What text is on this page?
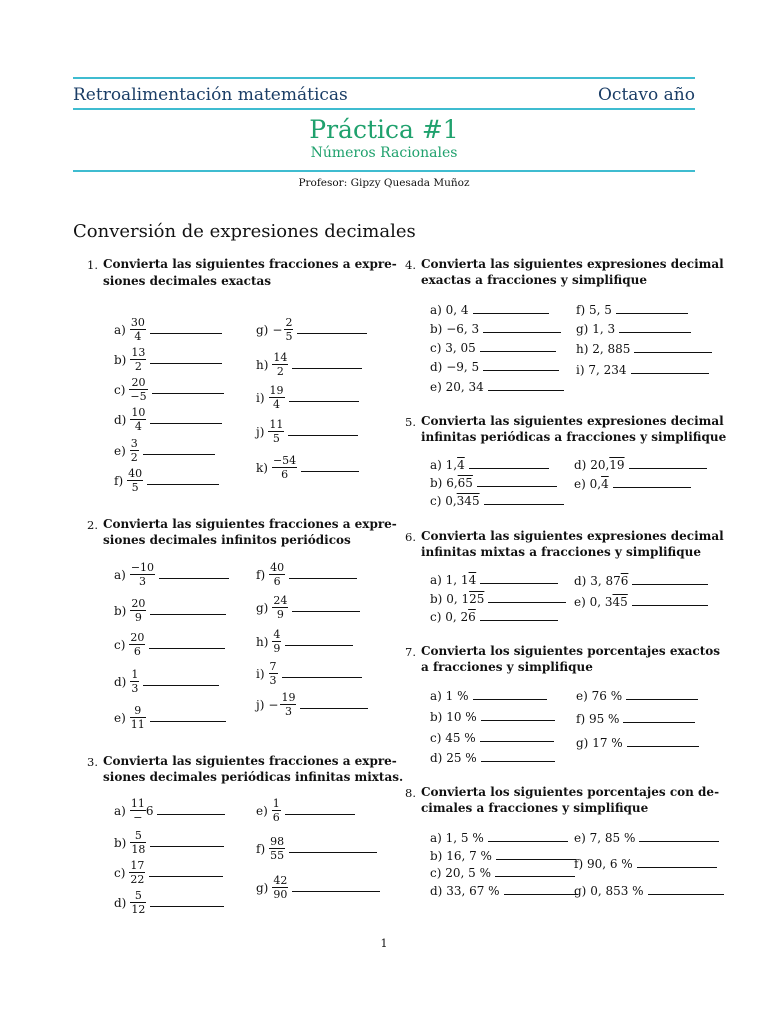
Retroalimentación matemáticas	Octavo año
Práctica #1
Números Racionales
Profesor: Gipzy Quesada Muñoz
Conversión de expresiones decimales
1. Convierta las siguientes fracciones a expre-
siones decimales exactas
$a) \frac{30}{4}$
$b) \frac{13}{2}$
$c) \frac{20}{-5}$
$d) \frac{10}{4}$
$e) \frac{3}{2}$
$f) \frac{40}{5}$
$g) - \frac{2}{5}$
$h) \frac{14}{2}$
$i) \frac{19}{4}$
$j) \frac{11}{5}$
$k) \frac{-54}{6}$
2. Convierta las siguientes fracciones a expre-
siones decimales infinitos periódicos
$a) \frac{-10}{3}$
$b) \frac{20}{9}$
$c) \frac{20}{6}$
$d) \frac{1}{3}$
$e) \frac{9}{11}$
$f) \frac{40}{6}$
$g) \frac{24}{9}$
$h) \frac{4}{9}$
$i) \frac{7}{3}$
$j) - \frac{19}{3}$
3. Convierta las siguientes fracciones a expre-
siones decimales periódicas infinitas mixtas.
$a) \frac{11}{-} 6$
$b) \frac{5}{18}$
$c) \frac{17}{22}$
$d) \frac{5}{12}$
$e) \frac{1}{6}$
$f) \frac{98}{55}$
$g) \frac{42}{90}$
4. Convierta las siguientes expresiones decimal
exactas a fracciones y simplifique
a) 0, 4
b) −6, 3
c) 3, 05
d) −9, 5
e) 20, 34
f) 5, 5
g) 1, 3
h) 2, 885
i) 7, 234
5. Convierta las siguientes expresiones decimal
infinitas periódicas a fracciones y simplifique
a) 1,4
b) 6,65
c) 0,345
d) 20,19
e) 0,4
6. Convierta las siguientes expresiones decimal
infinitas mixtas a fracciones y simplifique
a) 1, 14
b) 0, 125
c) 0, 26
d) 3, 876
e) 0, 345
7. Convierta los siguientes porcentajes exactos
a fracciones y simplifique
a) 1 %
b) 10 %
c) 45 %
d) 25 %
e) 76 %
f) 95 %
g) 17 %
8. Convierta los siguientes porcentajes con de-
cimales a fracciones y simplifique
a) 1, 5 %
b) 16, 7 %
c) 20, 5 %
d) 33, 67 %
e) 7, 85 %
f) 90, 6 %
g) 0, 853 %
1
